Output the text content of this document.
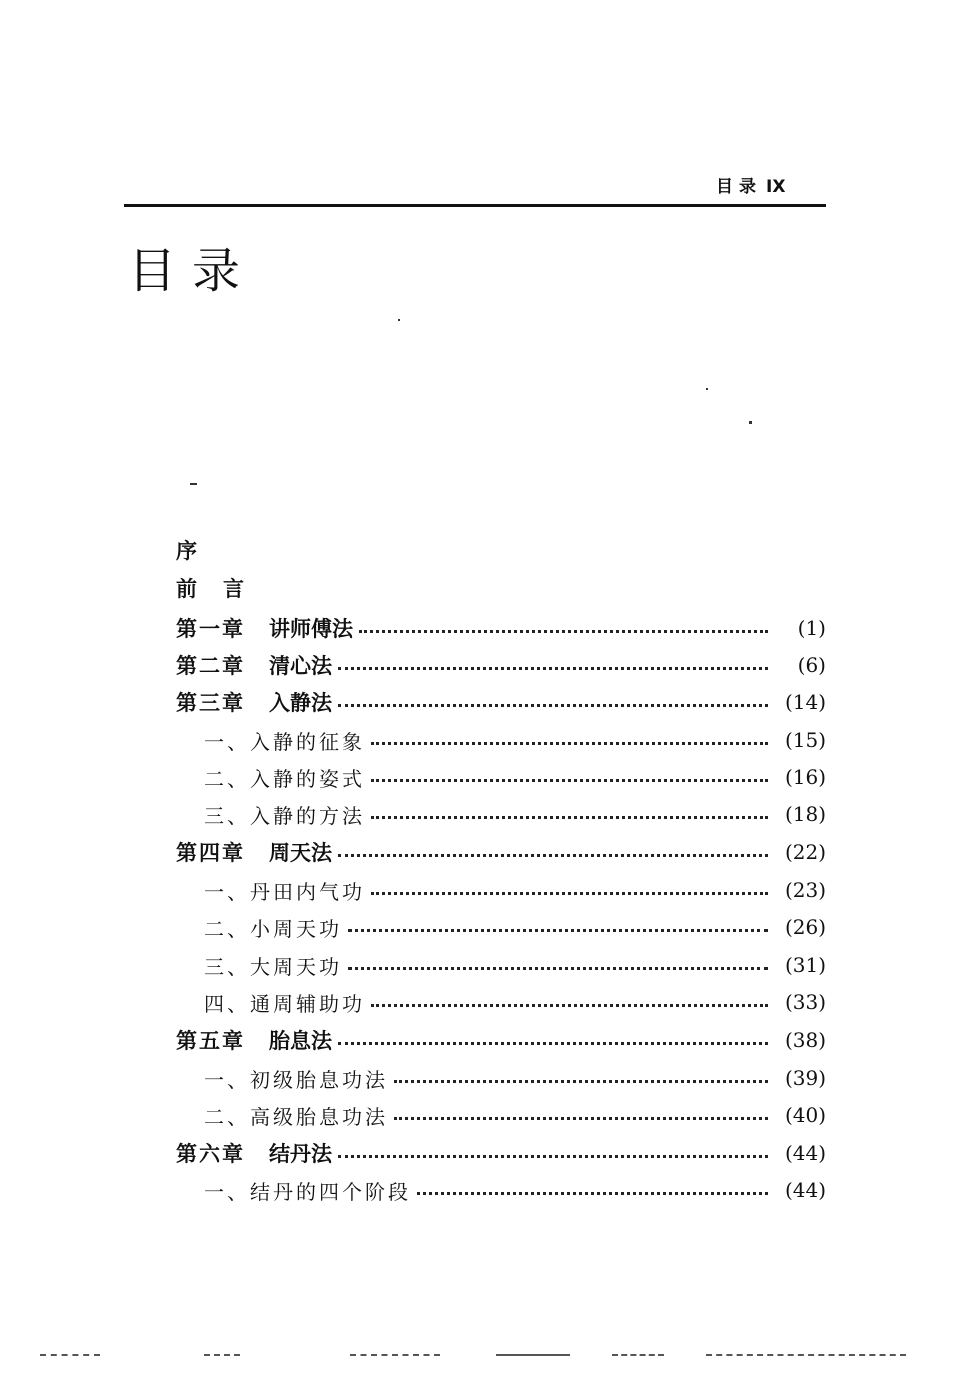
目录 IX
目录
序
前言
第一章 讲师傅法	(1)
第二章 清心法	(6)
第三章 入静法	(14)
一、入静的征象	(15)
二、入静的姿式	(16)
三、入静的方法	(18)
第四章 周天法	(22)
一、丹田内气功	(23)
二、小周天功	(26)
三、大周天功	(31)
四、通周辅助功	(33)
第五章 胎息法	(38)
一、初级胎息功法	(39)
二、高级胎息功法	(40)
第六章 结丹法	(44)
一、结丹的四个阶段	(44)
